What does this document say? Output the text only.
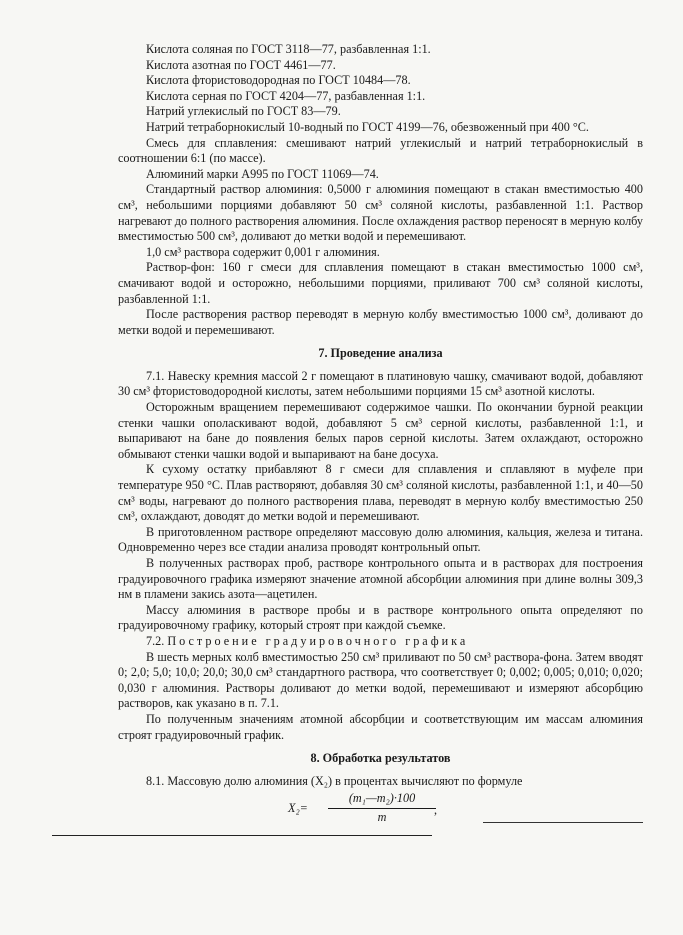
Кислота соляная по ГОСТ 3118—77, разбавленная 1:1.

Кислота азотная по ГОСТ 4461—77.

Кислота фтористоводородная по ГОСТ 10484—78.

Кислота серная по ГОСТ 4204—77, разбавленная 1:1.

Натрий углекислый по ГОСТ 83—79.

Натрий тетраборнокислый 10-водный по ГОСТ 4199—76, обезвоженный при 400 °С.

Смесь для сплавления: смешивают натрий углекислый и натрий тетраборнокислый в соотношении 6:1 (по массе).

Алюминий марки А995 по ГОСТ 11069—74.

Стандартный раствор алюминия: 0,5000 г алюминия помещают в стакан вместимостью 400 см³, небольшими порциями добавляют 50 см³ соляной кислоты, разбавленной 1:1. Раствор нагревают до полного растворения алюминия. После охлаждения раствор переносят в мерную колбу вместимостью 500 см³, доливают до метки водой и перемешивают.

1,0 см³ раствора содержит 0,001 г алюминия.

Раствор-фон: 160 г смеси для сплавления помещают в стакан вместимостью 1000 см³, смачивают водой и осторожно, небольшими порциями, приливают 700 см³ соляной кислоты, разбавленной 1:1.

После растворения раствор переводят в мерную колбу вместимостью 1000 см³, доливают до метки водой и перемешивают.

7. Проведение анализа

7.1. Навеску кремния массой 2 г помещают в платиновую чашку, смачивают водой, добавляют 30 см³ фтористоводородной кислоты, затем небольшими порциями 15 см³ азотной кислоты.

Осторожным вращением перемешивают содержимое чашки. По окончании бурной реакции стенки чашки ополаскивают водой, добавляют 5 см³ серной кислоты, разбавленной 1:1, и выпаривают на бане до появления белых паров серной кислоты. Затем охлаждают, осторожно обмывают стенки чашки водой и выпаривают на бане досуха.

К сухому остатку прибавляют 8 г смеси для сплавления и сплавляют в муфеле при температуре 950 °С. Плав растворяют, добавляя 30 см³ соляной кислоты, разбавленной 1:1, и 40—50 см³ воды, нагревают до полного растворения плава, переводят в мерную колбу вместимостью 250 см³, охлаждают, доводят до метки водой и перемешивают.

В приготовленном растворе определяют массовую долю алюминия, кальция, железа и титана. Одновременно через все стадии анализа проводят контрольный опыт.

В полученных растворах проб, растворе контрольного опыта и в растворах для построения градуировочного графика измеряют значение атомной абсорбции алюминия при длине волны 309,3 нм в пламени закись азота—ацетилен.

Массу алюминия в растворе пробы и в растворе контрольного опыта определяют по градуировочному графику, который строят при каждой съемке.

7.2. Построение градуировочного графика

В шесть мерных колб вместимостью 250 см³ приливают по 50 см³ раствора-фона. Затем вводят 0; 2,0; 5,0; 10,0; 20,0; 30,0 см³ стандартного раствора, что соответствует 0; 0,002; 0,005; 0,010; 0,020; 0,030 г алюминия. Растворы доливают до метки водой, перемешивают и измеряют абсорбцию растворов, как указано в п. 7.1.

По полученным значениям атомной абсорбции и соответствующим им массам алюминия строят градуировочный график.

8. Обработка результатов

8.1. Массовую долю алюминия (X₂) в процентах вычисляют по формуле

$X_2= \frac{\text{(m₁—m₂)·100}}{m}$
,
